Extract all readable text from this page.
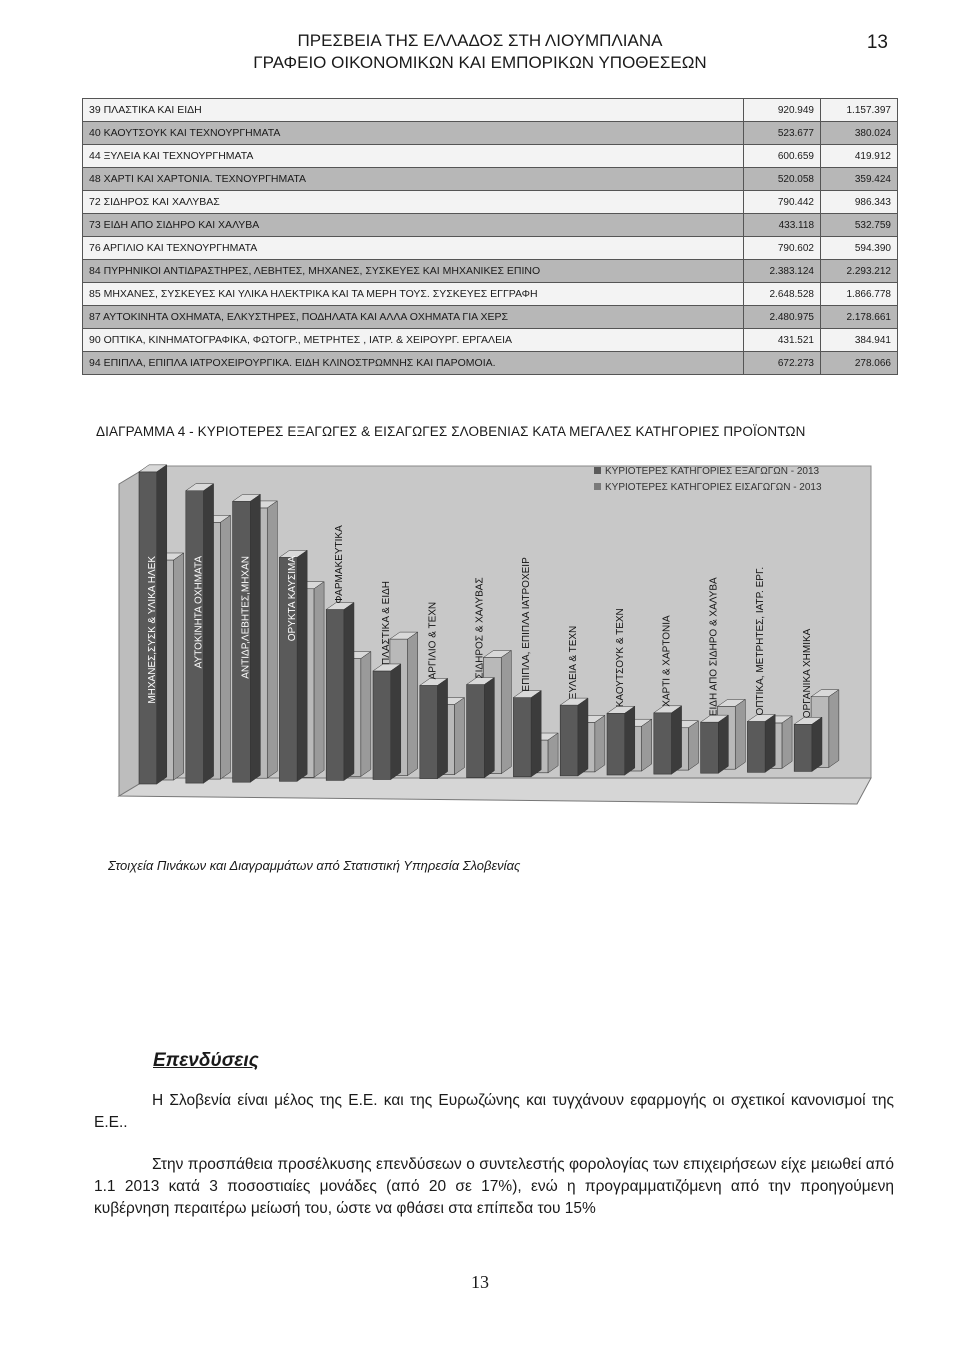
ΠΡΕΣΒΕΙΑ ΤΗΣ ΕΛΛΑΔΟΣ ΣΤΗ ΛΙΟΥΜΠΛΙΑΝΑ
ΓΡΑΦΕΙΟ ΟΙΚΟΝΟΜΙΚΩΝ ΚΑΙ ΕΜΠΟΡΙΚΩΝ ΥΠΟΘΕΣΕΩΝ
13
39 ΠΛΑΣΤΙΚΑ ΚΑΙ ΕΙΔΗ	920.949	1.157.397
40 ΚΑΟΥΤΣΟΥΚ ΚΑΙ ΤΕΧΝΟΥΡΓΗΜΑΤΑ	523.677	380.024
44 ΞΥΛΕΙΑ ΚΑΙ ΤΕΧΝΟΥΡΓΗΜΑΤΑ	600.659	419.912
48 ΧΑΡΤΙ ΚΑΙ ΧΑΡΤΟΝΙΑ. ΤΕΧΝΟΥΡΓΗΜΑΤΑ	520.058	359.424
72 ΣΙΔΗΡΟΣ ΚΑΙ ΧΑΛΥΒΑΣ	790.442	986.343
73 ΕΙΔΗ ΑΠΟ ΣΙΔΗΡΟ ΚΑΙ ΧΑΛΥΒΑ	433.118	532.759
76 ΑΡΓΙΛΙΟ ΚΑΙ ΤΕΧΝΟΥΡΓΗΜΑΤΑ	790.602	594.390
84 ΠΥΡΗΝΙΚΟΙ ΑΝΤΙΔΡΑΣΤΗΡΕΣ, ΛΕΒΗΤΕΣ, ΜΗΧΑΝΕΣ, ΣΥΣΚΕΥΕΣ ΚΑΙ ΜΗΧΑΝΙΚΕΣ ΕΠΙΝΟ	2.383.124	2.293.212
85 ΜΗΧΑΝΕΣ, ΣΥΣΚΕΥΕΣ ΚΑΙ ΥΛΙΚΑ ΗΛΕΚΤΡΙΚΑ ΚΑΙ ΤΑ ΜΕΡΗ ΤΟΥΣ. ΣΥΣΚΕΥΕΣ ΕΓΓΡΑΦΗ	2.648.528	1.866.778
87 ΑΥΤΟΚΙΝΗΤΑ ΟΧΗΜΑΤΑ, ΕΛΚΥΣΤΗΡΕΣ, ΠΟΔΗΛΑΤΑ ΚΑΙ ΑΛΛΑ ΟΧΗΜΑΤΑ ΓΙΑ ΧΕΡΣ	2.480.975	2.178.661
90 ΟΠΤΙΚΑ, ΚΙΝΗΜΑΤΟΓΡΑΦΙΚΑ, ΦΩΤΟΓΡ., ΜΕΤΡΗΤΕΣ , ΙΑΤΡ. & ΧΕΙΡΟΥΡΓ. ΕΡΓΑΛΕΙΑ	431.521	384.941
94 ΕΠΙΠΛΑ, ΕΠΙΠΛΑ ΙΑΤΡΟΧΕΙΡΟΥΡΓΙΚΑ. ΕΙΔΗ ΚΛΙΝΟΣΤΡΩΜΝΗΣ ΚΑΙ ΠΑΡΟΜΟΙΑ.	672.273	278.066
ΔΙΑΓΡΑΜΜΑ 4 - ΚΥΡΙΟΤΕΡΕΣ ΕΞΑΓΩΓΕΣ & ΕΙΣΑΓΩΓΕΣ ΣΛΟΒΕΝΙΑΣ ΚΑΤΑ ΜΕΓΑΛΕΣ ΚΑΤΗΓΟΡΙΕΣ ΠΡΟΪΟΝΤΩΝ
ΜΗΧΑΝΕΣ,ΣΥΣΚ & ΥΛΙΚΑ ΗΛΕΚ	ΑΥΤΟΚΙΝΗΤΑ ΟΧΗΜΑΤΑ	ΑΝΤΙΔΡ,ΛΕΒΗΤΕΣ,ΜΗΧΑΝ	ΟΡΥΚΤΑ ΚΑΥΣΙΜΑ	ΦΑΡΜΑΚΕΥΤΙΚΑ
ΠΛΑΣΤΙΚΑ & ΕΙΔΗ	ΑΡΓΙΛΙΟ & ΤΕΧΝ	ΣΙΔΗΡΟΣ & ΧΑΛΥΒΑΣ	ΕΠΙΠΛΑ, ΕΠΙΠΛΑ ΙΑΤΡΟΧΕΙΡ	ΞΥΛΕΙΑ & ΤΕΧΝ	ΚΑΟΥΤΣΟΥΚ & ΤΕΧΝ	ΧΑΡΤΙ & ΧΑΡΤΟΝΙΑ	ΕΙΔΗ ΑΠΟ ΣΙΔΗΡΟ & ΧΑΛΥΒΑ	ΟΠΤΙΚΑ, ΜΕΤΡΗΤΕΣ, ΙΑΤΡ. ΕΡΓ.	ΟΡΓΑΝΙΚΑ ΧΗΜΙΚΑ
ΚΥΡΙΟΤΕΡΕΣ ΚΑΤΗΓΟΡΙΕΣ ΕΞΑΓΩΓΩΝ - 2013
ΚΥΡΙΟΤΕΡΕΣ ΚΑΤΗΓΟΡΙΕΣ ΕΙΣΑΓΩΓΩΝ - 2013
Στοιχεία Πινάκων και Διαγραμμάτων από Στατιστική Υπηρεσία Σλοβενίας
Επενδύσεις
Η Σλοβενία είναι μέλος της Ε.Ε. και της Ευρωζώνης και τυγχάνουν εφαρμογής οι σχετικοί κανονισμοί της Ε.Ε..
Στην προσπάθεια προσέλκυσης επενδύσεων ο συντελεστής φορολογίας των επιχειρήσεων είχε μειωθεί από 1.1 2013 κατά 3 ποσοστιαίες μονάδες (από 20 σε 17%), ενώ η προγραμματιζόμενη από την προηγούμενη κυβέρνηση περαιτέρω μείωσή του, ώστε να φθάσει στα επίπεδα του 15%
13
